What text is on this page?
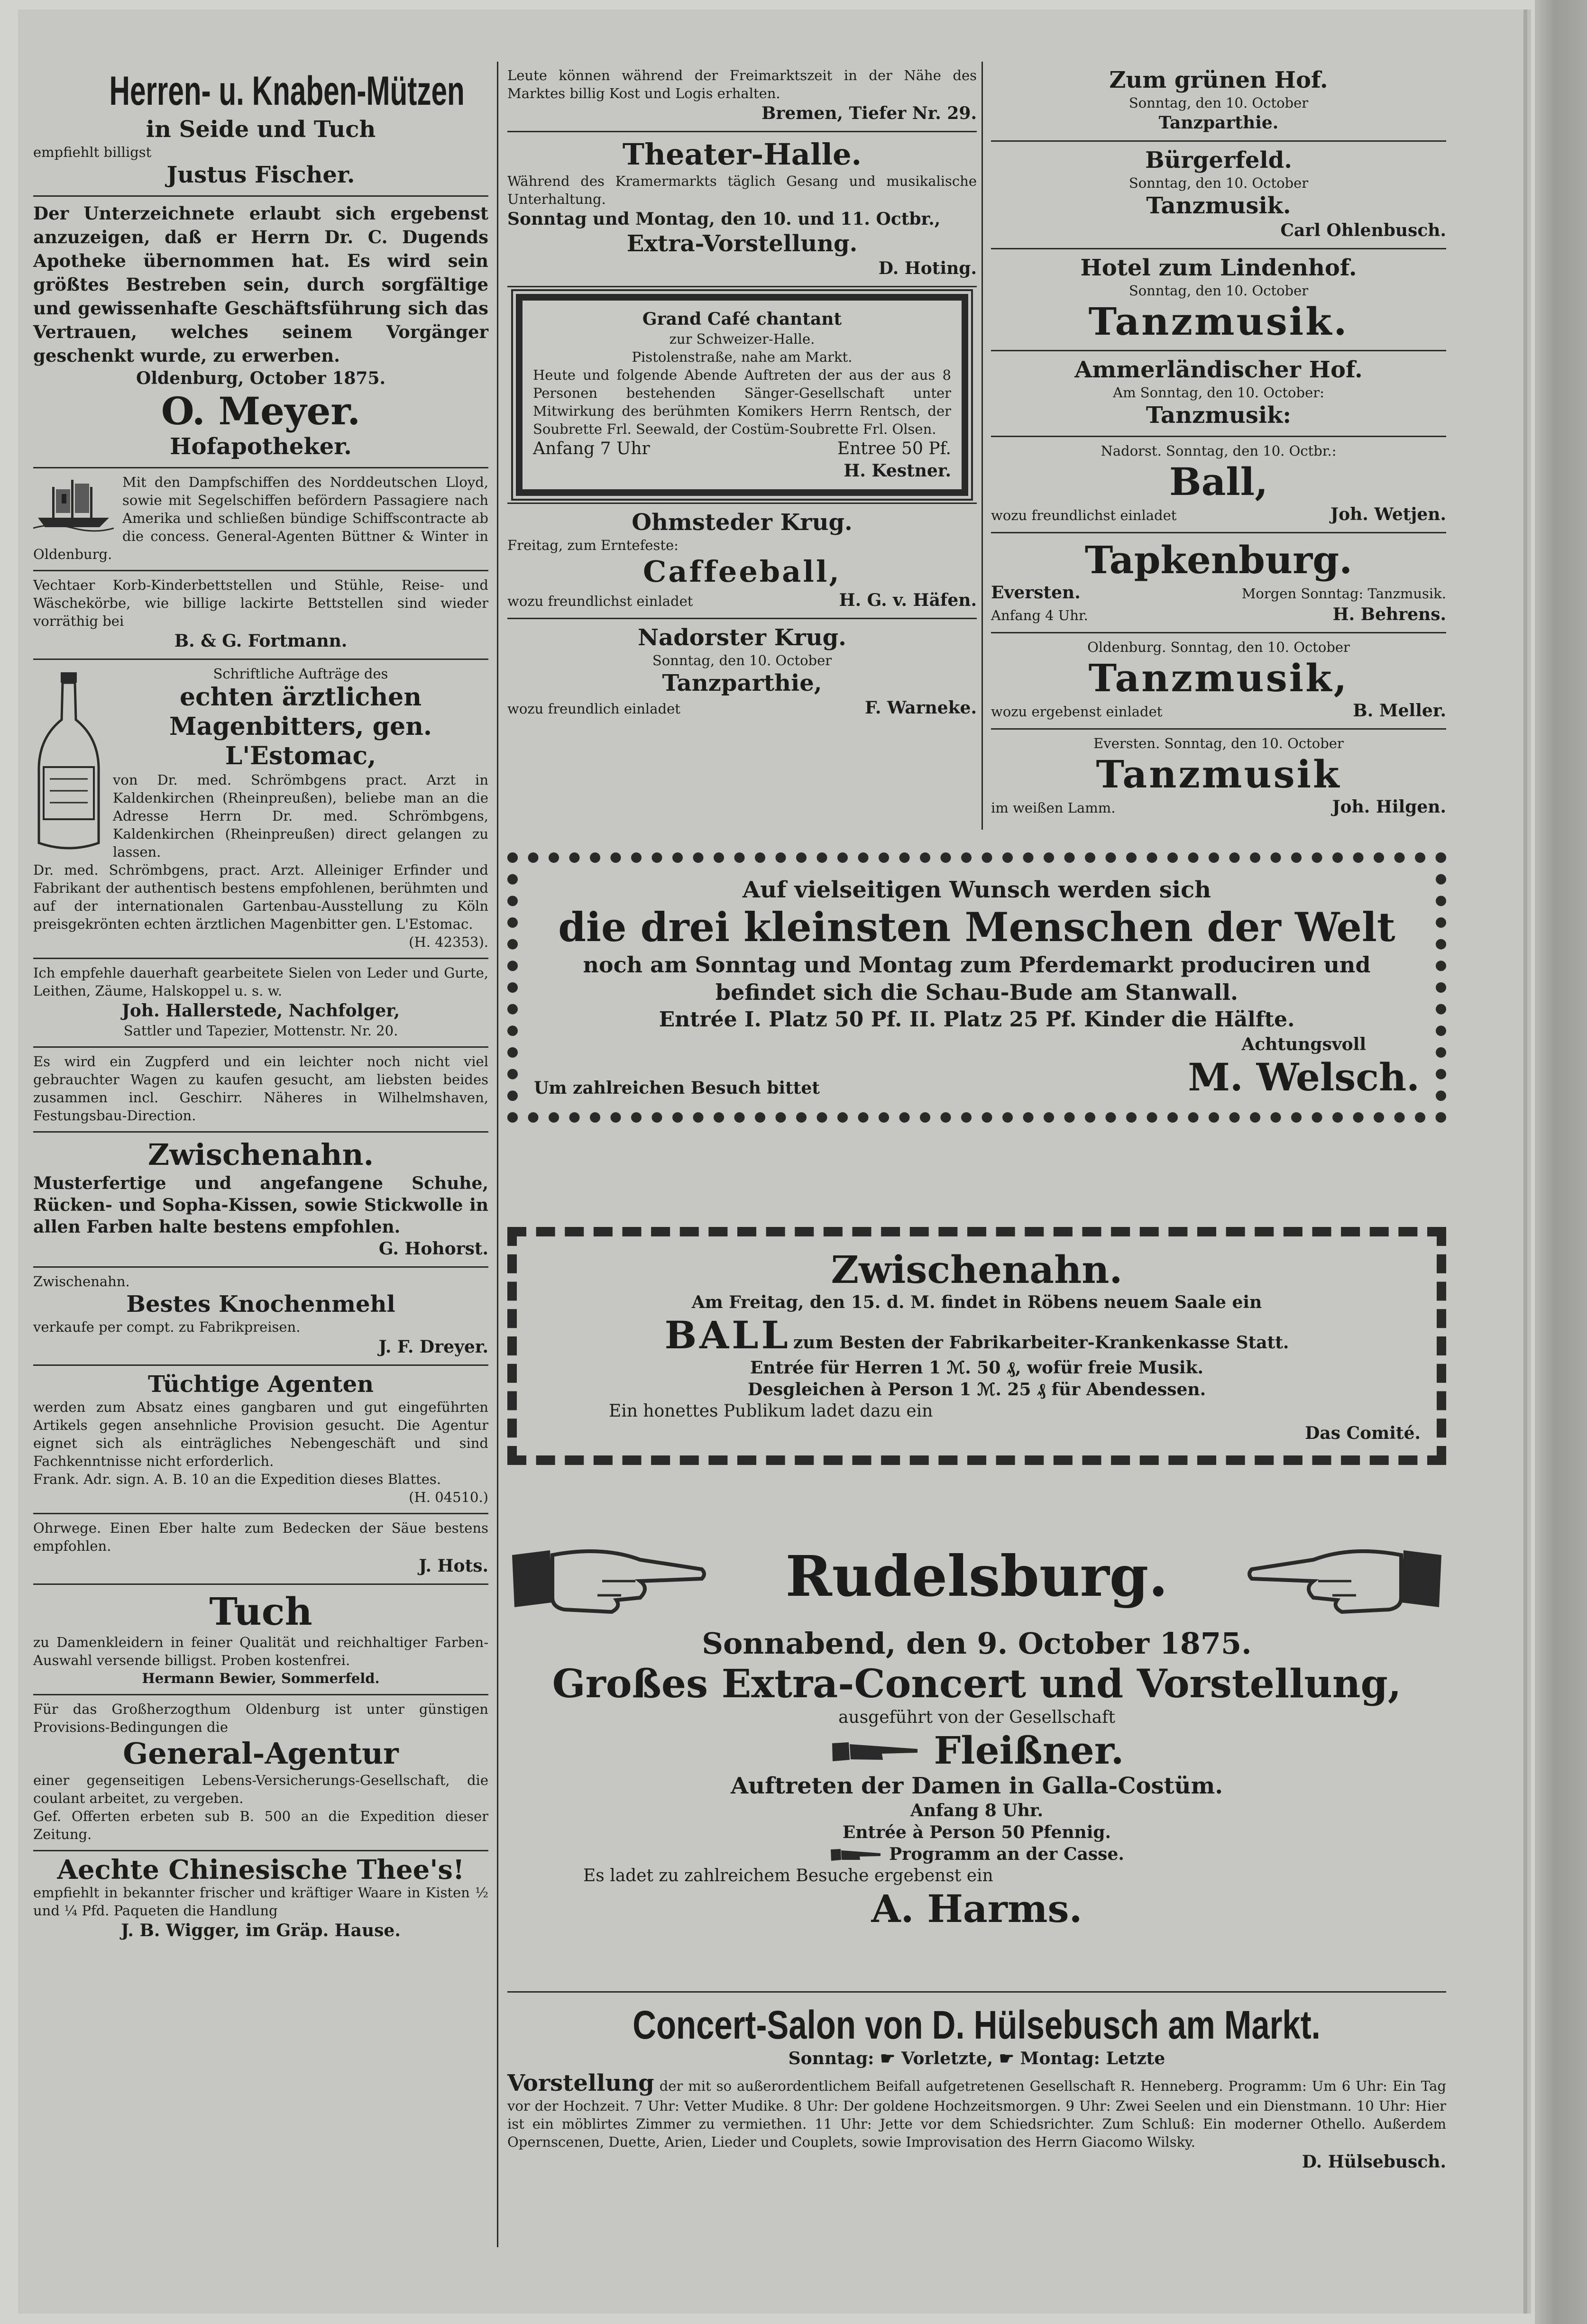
Herren- u. Knaben-Mützen
in Seide und Tuch
empfiehlt billigst
Justus Fischer.
Der Unterzeichnete erlaubt sich ergebenst anzuzeigen, daß er Herrn Dr. C. Dugends Apotheke übernommen hat. Es wird sein größtes Bestreben sein, durch sorgfältige und gewissenhafte Geschäftsführung sich das Vertrauen, welches seinem Vorgänger geschenkt wurde, zu erwerben.
Oldenburg, October 1875.
O. Meyer.
Hofapotheker.
Mit den Dampfschiffen des Norddeutschen Lloyd, sowie mit Segelschiffen befördern Passagiere nach Amerika und schließen bündige Schiffscontracte ab die concess. General-Agenten Büttner & Winter in Oldenburg.
Vechtaer Korb-Kinderbettstellen und Stühle, Reise- und Wäschekörbe, wie billige lackirte Bettstellen sind wieder vorräthig bei
B. & G. Fortmann.
Schriftliche Aufträge des
echten ärztlichen Magenbitters, gen. L'Estomac,
von Dr. med. Schrömbgens pract. Arzt in Kaldenkirchen (Rheinpreußen), beliebe man an die Adresse Herrn Dr. med. Schrömbgens, Kaldenkirchen (Rheinpreußen) direct gelangen zu lassen.
Dr. med. Schrömbgens, pract. Arzt. Alleiniger Erfinder und Fabrikant der authentisch bestens empfohlenen, berühmten und auf der internationalen Gartenbau-Ausstellung zu Köln preisgekrönten echten ärztlichen Magenbitter gen. L'Estomac.
(H. 42353).
Ich empfehle dauerhaft gearbeitete Sielen von Leder und Gurte, Leithen, Zäume, Halskoppel u. s. w.
Joh. Hallerstede, Nachfolger,
Sattler und Tapezier, Mottenstr. Nr. 20.
Es wird ein Zugpferd und ein leichter noch nicht viel gebrauchter Wagen zu kaufen gesucht, am liebsten beides zusammen incl. Geschirr. Näheres in Wilhelmshaven, Festungsbau-Direction.
Zwischenahn.
Musterfertige und angefangene Schuhe, Rücken- und Sopha-Kissen, sowie Stickwolle in allen Farben halte bestens empfohlen.
G. Hohorst.
Zwischenahn.
Bestes Knochenmehl
verkaufe per compt. zu Fabrikpreisen.
J. F. Dreyer.
Tüchtige Agenten
werden zum Absatz eines gangbaren und gut eingeführten Artikels gegen ansehnliche Provision gesucht. Die Agentur eignet sich als einträgliches Nebengeschäft und sind Fachkenntnisse nicht erforderlich.
Frank. Adr. sign. A. B. 10 an die Expedition dieses Blattes.
(H. 04510.)
Ohrwege. Einen Eber halte zum Bedecken der Säue bestens empfohlen.
J. Hots.
Tuch
zu Damenkleidern in feiner Qualität und reichhaltiger Farben-Auswahl versende billigst. Proben kostenfrei.
Hermann Bewier, Sommerfeld.
Für das Großherzogthum Oldenburg ist unter günstigen Provisions-Bedingungen die
General-Agentur
einer gegenseitigen Lebens-Versicherungs-Gesellschaft, die coulant arbeitet, zu vergeben.
Gef. Offerten erbeten sub B. 500 an die Expedition dieser Zeitung.
Aechte Chinesische Thee's!
empfiehlt in bekannter frischer und kräftiger Waare in Kisten ½ und ¼ Pfd. Paqueten die Handlung
J. B. Wigger, im Gräp. Hause.
Leute können während der Freimarktszeit in der Nähe des Marktes billig Kost und Logis erhalten.
Bremen, Tiefer Nr. 29.
Theater-Halle.
Während des Kramermarkts täglich Gesang und musikalische Unterhaltung.
Sonntag und Montag, den 10. und 11. Octbr.,
Extra-Vorstellung.
D. Hoting.
Grand Café chantant
zur Schweizer-Halle.
Pistolenstraße, nahe am Markt.
Heute und folgende Abende Auftreten der aus der aus 8 Personen bestehenden Sänger-Gesellschaft unter Mitwirkung des berühmten Komikers Herrn Rentsch, der Soubrette Frl. Seewald, der Costüm-Soubrette Frl. Olsen.
Anfang 7 Uhr	Entree 50 Pf.
H. Kestner.
Ohmsteder Krug.
Freitag, zum Erntefeste:
Caffeeball,
wozu freundlichst einladet	H. G. v. Häfen.
Nadorster Krug.
Sonntag, den 10. October
Tanzparthie,
wozu freundlich einladet	F. Warneke.
Zum grünen Hof.
Sonntag, den 10. October
Tanzparthie.
Bürgerfeld.
Sonntag, den 10. October
Tanzmusik.
Carl Ohlenbusch.
Hotel zum Lindenhof.
Sonntag, den 10. October
Tanzmusik.
Ammerländischer Hof.
Am Sonntag, den 10. October:
Tanzmusik:
Nadorst. Sonntag, den 10. Octbr.:
Ball,
wozu freundlichst einladet	Joh. Wetjen.
Tapkenburg.
Eversten.	Morgen Sonntag: Tanzmusik.
Anfang 4 Uhr.	H. Behrens.
Oldenburg. Sonntag, den 10. October
Tanzmusik,
wozu ergebenst einladet	B. Meller.
Eversten. Sonntag, den 10. October
Tanzmusik
im weißen Lamm.	Joh. Hilgen.
Auf vielseitigen Wunsch werden sich
die drei kleinsten Menschen der Welt
noch am Sonntag und Montag zum Pferdemarkt produciren und befindet sich die Schau-Bude am Stanwall.
Entrée I. Platz 50 Pf. II. Platz 25 Pf. Kinder die Hälfte.
Um zahlreichen Besuch bittet
Achtungsvoll
M. Welsch.
Zwischenahn.
Am Freitag, den 15. d. M. findet in Röbens neuem Saale ein
BALL zum Besten der Fabrikarbeiter-Krankenkasse Statt.
Entrée für Herren 1 ℳ. 50 ₰, wofür freie Musik.
Desgleichen à Person 1 ℳ. 25 ₰ für Abendessen.
Ein honettes Publikum ladet dazu ein
Das Comité.
Rudelsburg.
Sonnabend, den 9. October 1875.
Großes Extra-Concert und Vorstellung,
ausgeführt von der Gesellschaft
Fleißner.
Auftreten der Damen in Galla-Costüm.
Anfang 8 Uhr.
Entrée à Person 50 Pfennig.
Programm an der Casse.
Es ladet zu zahlreichem Besuche ergebenst ein
A. Harms.
Concert-Salon von D. Hülsebusch am Markt.
Sonntag: ☛ Vorletzte, ☛ Montag: Letzte
Vorstellung der mit so außerordentlichem Beifall aufgetretenen Gesellschaft R. Henneberg. Programm: Um 6 Uhr: Ein Tag vor der Hochzeit. 7 Uhr: Vetter Mudike. 8 Uhr: Der goldene Hochzeitsmorgen. 9 Uhr: Zwei Seelen und ein Dienstmann. 10 Uhr: Hier ist ein möblirtes Zimmer zu vermiethen. 11 Uhr: Jette vor dem Schiedsrichter. Zum Schluß: Ein moderner Othello. Außerdem Opernscenen, Duette, Arien, Lieder und Couplets, sowie Improvisation des Herrn Giacomo Wilsky.
D. Hülsebusch.
